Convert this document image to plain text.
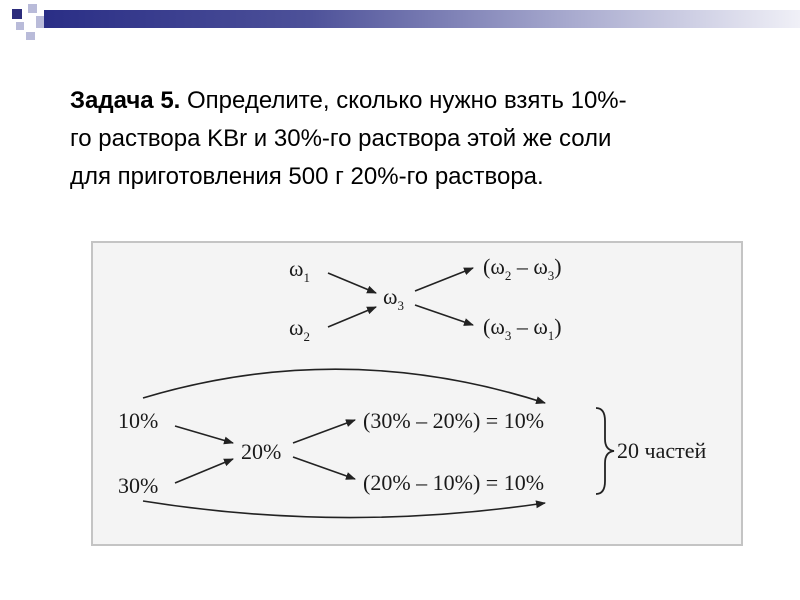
Задача 5. Определите, сколько нужно взять 10%-
го раствора KBr и 30%-го раствора этой же соли
для приготовления 500 г 20%-го раствора.
$\omega_1$
$\omega_2$
$\omega_3$
$(\omega_2 - \omega_3)$
$(\omega_3 - \omega_1)$
10%
30%
20%
(30% – 20%) = 10%
(20% – 10%) = 10%
20 частей
